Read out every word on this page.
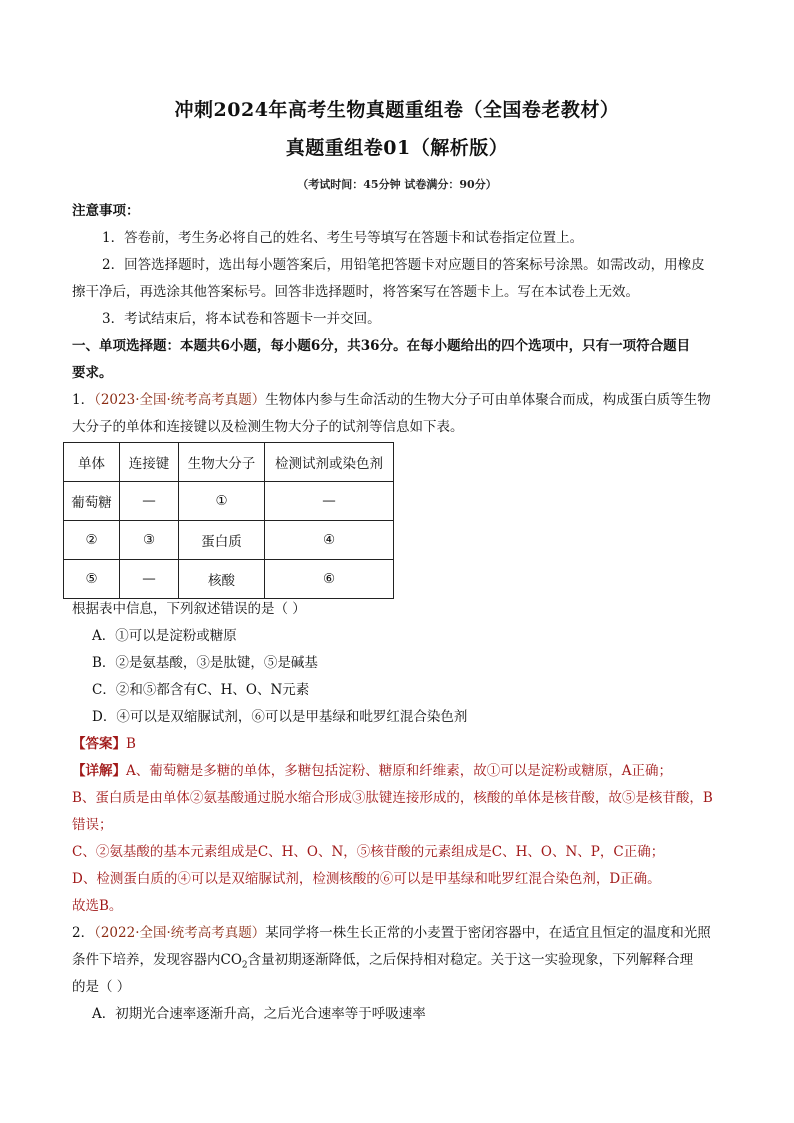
冲刺2024年高考生物真题重组卷（全国卷老教材）
真题重组卷01（解析版）
（考试时间：45分钟 试卷满分：90分）
注意事项：
1．答卷前，考生务必将自己的姓名、考生号等填写在答题卡和试卷指定位置上。
2．回答选择题时，选出每小题答案后，用铅笔把答题卡对应题目的答案标号涂黑。如需改动，用橡皮
擦干净后，再选涂其他答案标号。回答非选择题时，将答案写在答题卡上。写在本试卷上无效。
3．考试结束后，将本试卷和答题卡一并交回。
一、单项选择题：本题共6小题，每小题6分，共36分。在每小题给出的四个选项中，只有一项符合题目
要求。
1．（2023·全国·统考高考真题）生物体内参与生命活动的生物大分子可由单体聚合而成，构成蛋白质等生物
大分子的单体和连接键以及检测生物大分子的试剂等信息如下表。
单体	连接键	生物大分子	检测试剂或染色剂
葡萄糖	—	①	—
②	③	蛋白质	④
⑤	—	核酸	⑥
根据表中信息，下列叙述错误的是（ ）
A．①可以是淀粉或糖原
B．②是氨基酸，③是肽键，⑤是碱基
C．②和⑤都含有C、H、O、N元素
D．④可以是双缩脲试剂，⑥可以是甲基绿和吡罗红混合染色剂
【答案】B
【详解】A、葡萄糖是多糖的单体，多糖包括淀粉、糖原和纤维素，故①可以是淀粉或糖原，A正确；
B、蛋白质是由单体②氨基酸通过脱水缩合形成③肽键连接形成的，核酸的单体是核苷酸，故⑤是核苷酸，B
错误；
C、②氨基酸的基本元素组成是C、H、O、N，⑤核苷酸的元素组成是C、H、O、N、P，C正确；
D、检测蛋白质的④可以是双缩脲试剂，检测核酸的⑥可以是甲基绿和吡罗红混合染色剂，D正确。
故选B。
2．（2022·全国·统考高考真题）某同学将一株生长正常的小麦置于密闭容器中，在适宜且恒定的温度和光照
条件下培养，发现容器内$CO_2$含量初期逐渐降低，之后保持相对稳定。关于这一实验现象，下列解释合理
的是（ ）
A．初期光合速率逐渐升高，之后光合速率等于呼吸速率
